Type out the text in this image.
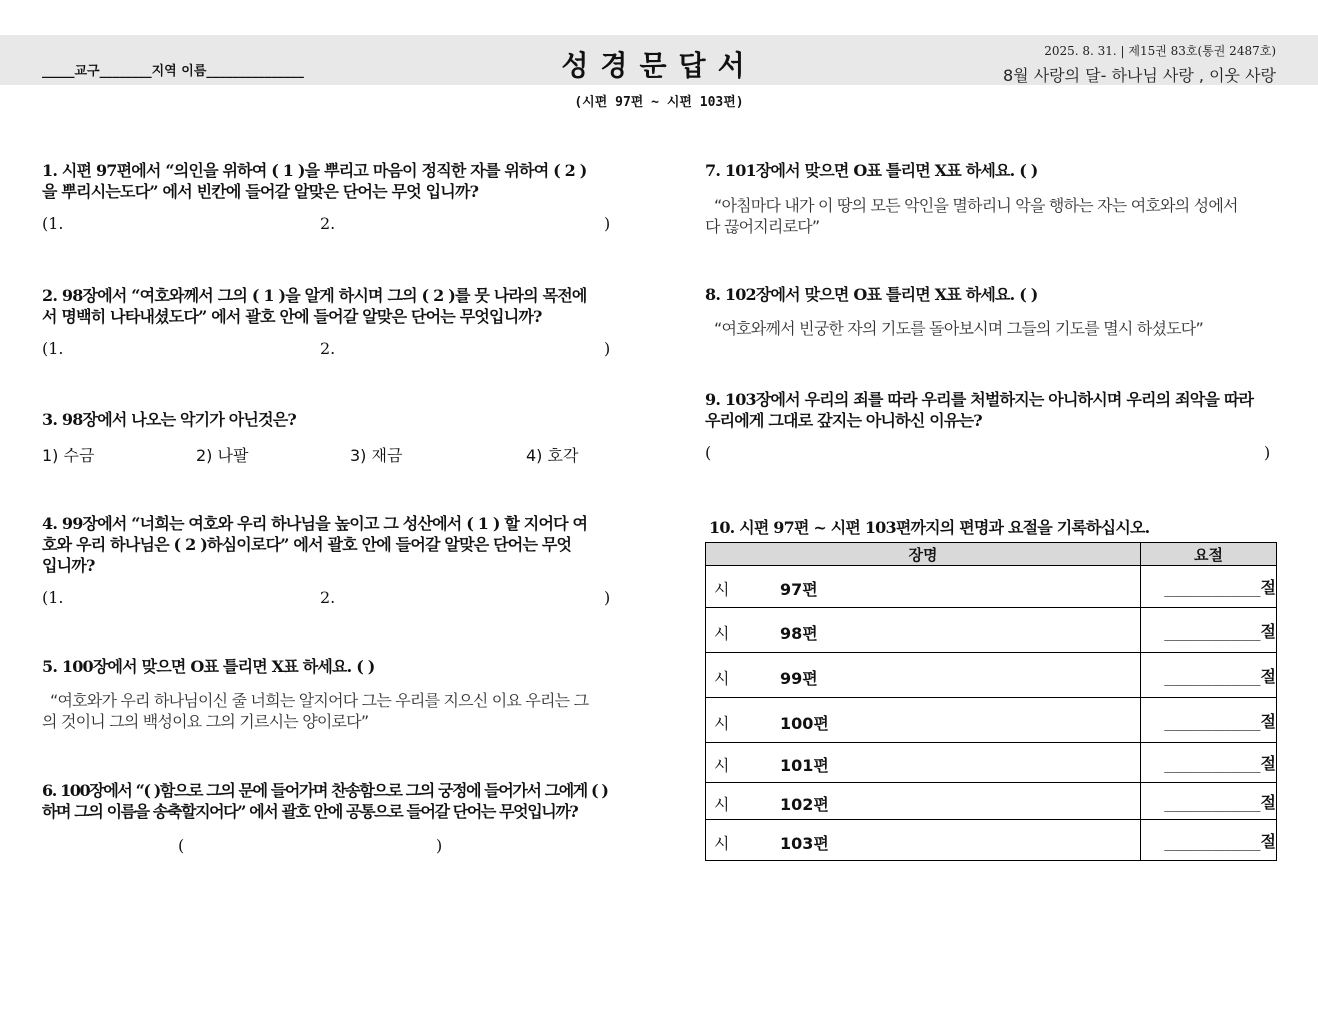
_____교구________지역 이름_______________	성경문답서	2025. 8. 31. | 제15권 83호(통권 2487호)
8월 사랑의 달- 하나님 사랑 , 이웃 사랑
(시편 97편 ~ 시편 103편)
1. 시편 97편에서 “의인을 위하여 ( 1 )을 뿌리고 마음이 정직한 자를 위하여 ( 2 )
을 뿌리시는도다” 에서 빈칸에 들어갈 알맞은 단어는 무엇 입니까?
(1.	2.	)
2. 98장에서 “여호와께서 그의 ( 1 )을 알게 하시며 그의 ( 2 )를 뭇 나라의 목전에
서 명백히 나타내셨도다” 에서 괄호 안에 들어갈 알맞은 단어는 무엇입니까?
(1.	2.	)
3. 98장에서 나오는 악기가 아닌것은?
1) 수금	2) 나팔	3) 재금	4) 호각
4. 99장에서 “너희는 여호와 우리 하나님을 높이고 그 성산에서 ( 1 ) 할 지어다 여
호와 우리 하나님은 ( 2 )하심이로다” 에서 괄호 안에 들어갈 알맞은 단어는 무엇
입니까?
(1.	2.	)
5. 100장에서 맞으면 O표 틀리면 X표 하세요. ( )
“여호와가 우리 하나님이신 줄 너희는 알지어다 그는 우리를 지으신 이요 우리는 그
의 것이니 그의 백성이요 그의 기르시는 양이로다”
6. 100장에서 “( )함으로 그의 문에 들어가며 찬송함으로 그의 궁정에 들어가서 그에게 ( )
하며 그의 이름을 송축할지어다” 에서 괄호 안에 공통으로 들어갈 단어는 무엇입니까?
(	)
7. 101장에서 맞으면 O표 틀리면 X표 하세요. ( )
“아침마다 내가 이 땅의 모든 악인을 멸하리니 악을 행하는 자는 여호와의 성에서
다 끊어지리로다”
8. 102장에서 맞으면 O표 틀리면 X표 하세요. ( )
“여호와께서 빈궁한 자의 기도를 돌아보시며 그들의 기도를 멸시 하셨도다”
9. 103장에서 우리의 죄를 따라 우리를 처벌하지는 아니하시며 우리의 죄악을 따라
우리에게 그대로 갚지는 아니하신 이유는?
(	)
10. 시편 97편 ~ 시편 103편까지의 편명과 요절을 기록하십시오.
장명	요절

시 97편	__________절

시 98편	__________절

시 99편	__________절

시 100편	__________절

시 101편	__________절

시 102편	__________절

시 103편	__________절
